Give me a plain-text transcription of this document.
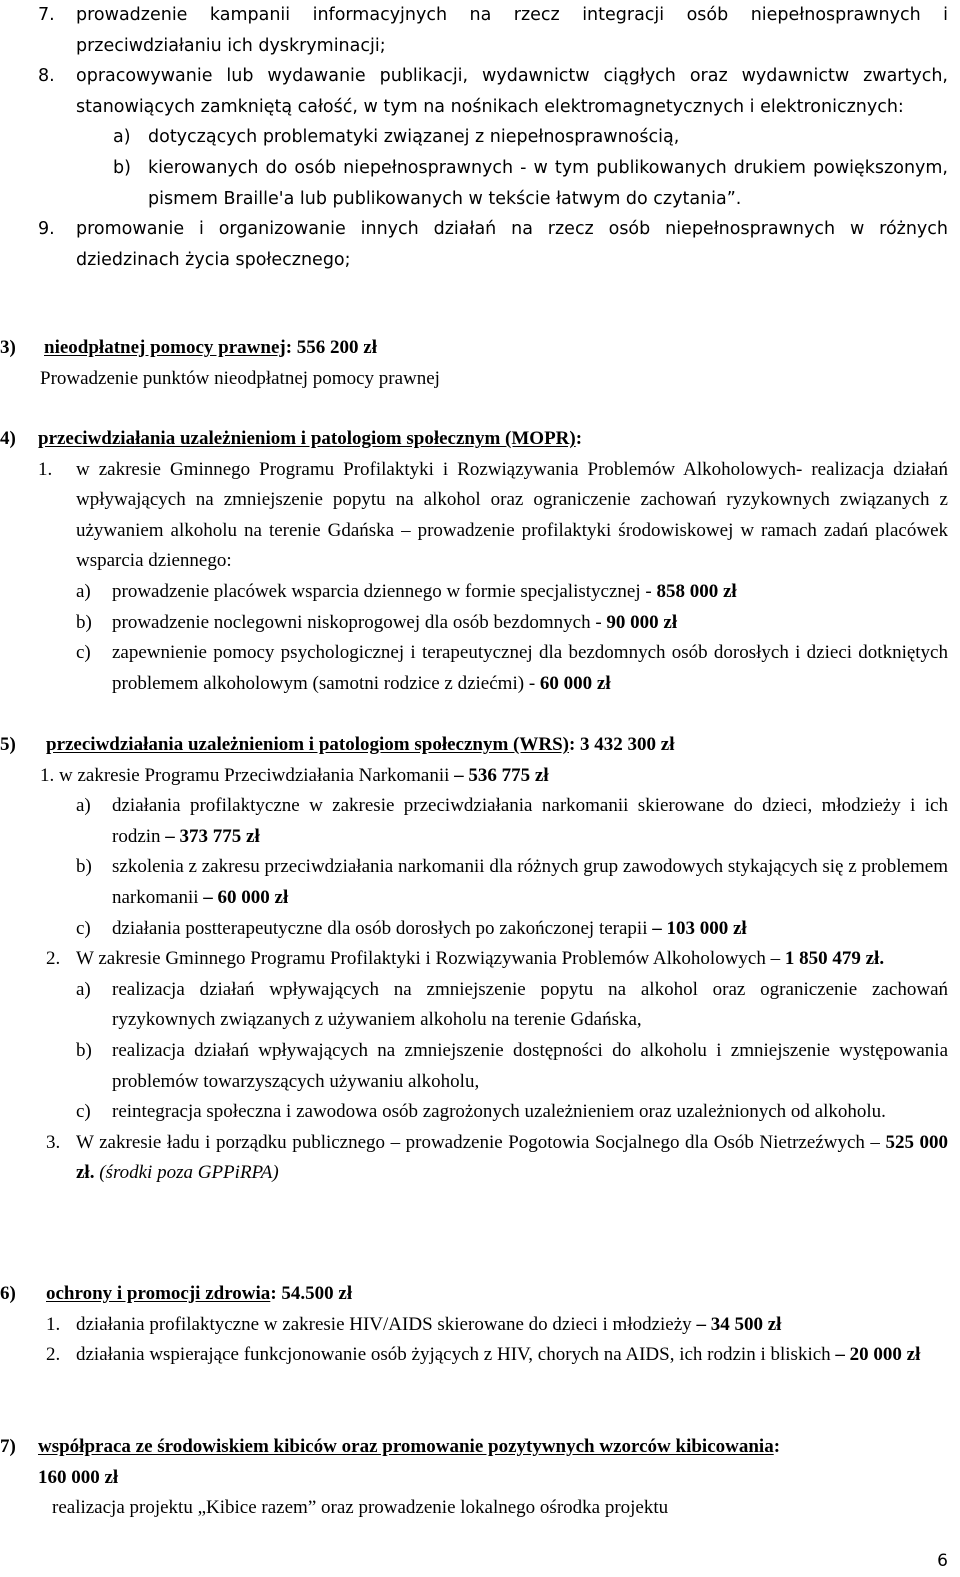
7. prowadzenie kampanii informacyjnych na rzecz integracji osób niepełnosprawnych i przeciwdziałaniu ich dyskryminacji;
8. opracowywanie lub wydawanie publikacji, wydawnictw ciągłych oraz wydawnictw zwartych, stanowiących zamkniętą całość, w tym na nośnikach elektromagnetycznych i elektronicznych:
a) dotyczących problematyki związanej z niepełnosprawnością,
b) kierowanych do osób niepełnosprawnych - w tym publikowanych drukiem powiększonym, pismem Braille'a lub publikowanych w tekście łatwym do czytania”.
9. promowanie i organizowanie innych działań na rzecz osób niepełnosprawnych w różnych dziedzinach życia społecznego;
3) nieodpłatnej pomocy prawnej: 556 200 zł
Prowadzenie punktów nieodpłatnej pomocy prawnej
4) przeciwdziałania uzależnieniom i patologiom społecznym (MOPR):
1. w zakresie Gminnego Programu Profilaktyki i Rozwiązywania Problemów Alkoholowych- realizacja działań wpływających na zmniejszenie popytu na alkohol oraz ograniczenie zachowań ryzykownych związanych z używaniem alkoholu na terenie Gdańska – prowadzenie profilaktyki środowiskowej w ramach zadań placówek wsparcia dziennego:
a) prowadzenie placówek wsparcia dziennego w formie specjalistycznej - 858 000 zł
b) prowadzenie noclegowni niskoprogowej dla osób bezdomnych - 90 000 zł
c) zapewnienie pomocy psychologicznej i terapeutycznej dla bezdomnych osób dorosłych i dzieci dotkniętych problemem alkoholowym (samotni rodzice z dziećmi) - 60 000 zł
5) przeciwdziałania uzależnieniom i patologiom społecznym (WRS): 3 432 300 zł
1. w zakresie Programu Przeciwdziałania Narkomanii – 536 775 zł
a) działania profilaktyczne w zakresie przeciwdziałania narkomanii skierowane do dzieci, młodzieży i ich rodzin – 373 775 zł
b) szkolenia z zakresu przeciwdziałania narkomanii dla różnych grup zawodowych stykających się z problemem narkomanii – 60 000 zł
c) działania postterapeutyczne dla osób dorosłych po zakończonej terapii – 103 000 zł
2. W zakresie Gminnego Programu Profilaktyki i Rozwiązywania Problemów Alkoholowych – 1 850 479 zł.
a) realizacja działań wpływających na zmniejszenie popytu na alkohol oraz ograniczenie zachowań ryzykownych związanych z używaniem alkoholu na terenie Gdańska,
b) realizacja działań wpływających na zmniejszenie dostępności do alkoholu i zmniejszenie występowania problemów towarzyszących używaniu alkoholu,
c) reintegracja społeczna i zawodowa osób zagrożonych uzależnieniem oraz uzależnionych od alkoholu.
3. W zakresie ładu i porządku publicznego – prowadzenie Pogotowia Socjalnego dla Osób Nietrzeźwych – 525 000 zł. (środki poza GPPiRPA)
6) ochrony i promocji zdrowia: 54.500 zł
1. działania profilaktyczne w zakresie HIV/AIDS skierowane do dzieci i młodzieży – 34 500 zł
2. działania wspierające funkcjonowanie osób żyjących z HIV, chorych na AIDS, ich rodzin i bliskich – 20 000 zł
7) współpraca ze środowiskiem kibiców oraz promowanie pozytywnych wzorców kibicowania: 160 000 zł
realizacja projektu „Kibice razem” oraz prowadzenie lokalnego ośrodka projektu
6
